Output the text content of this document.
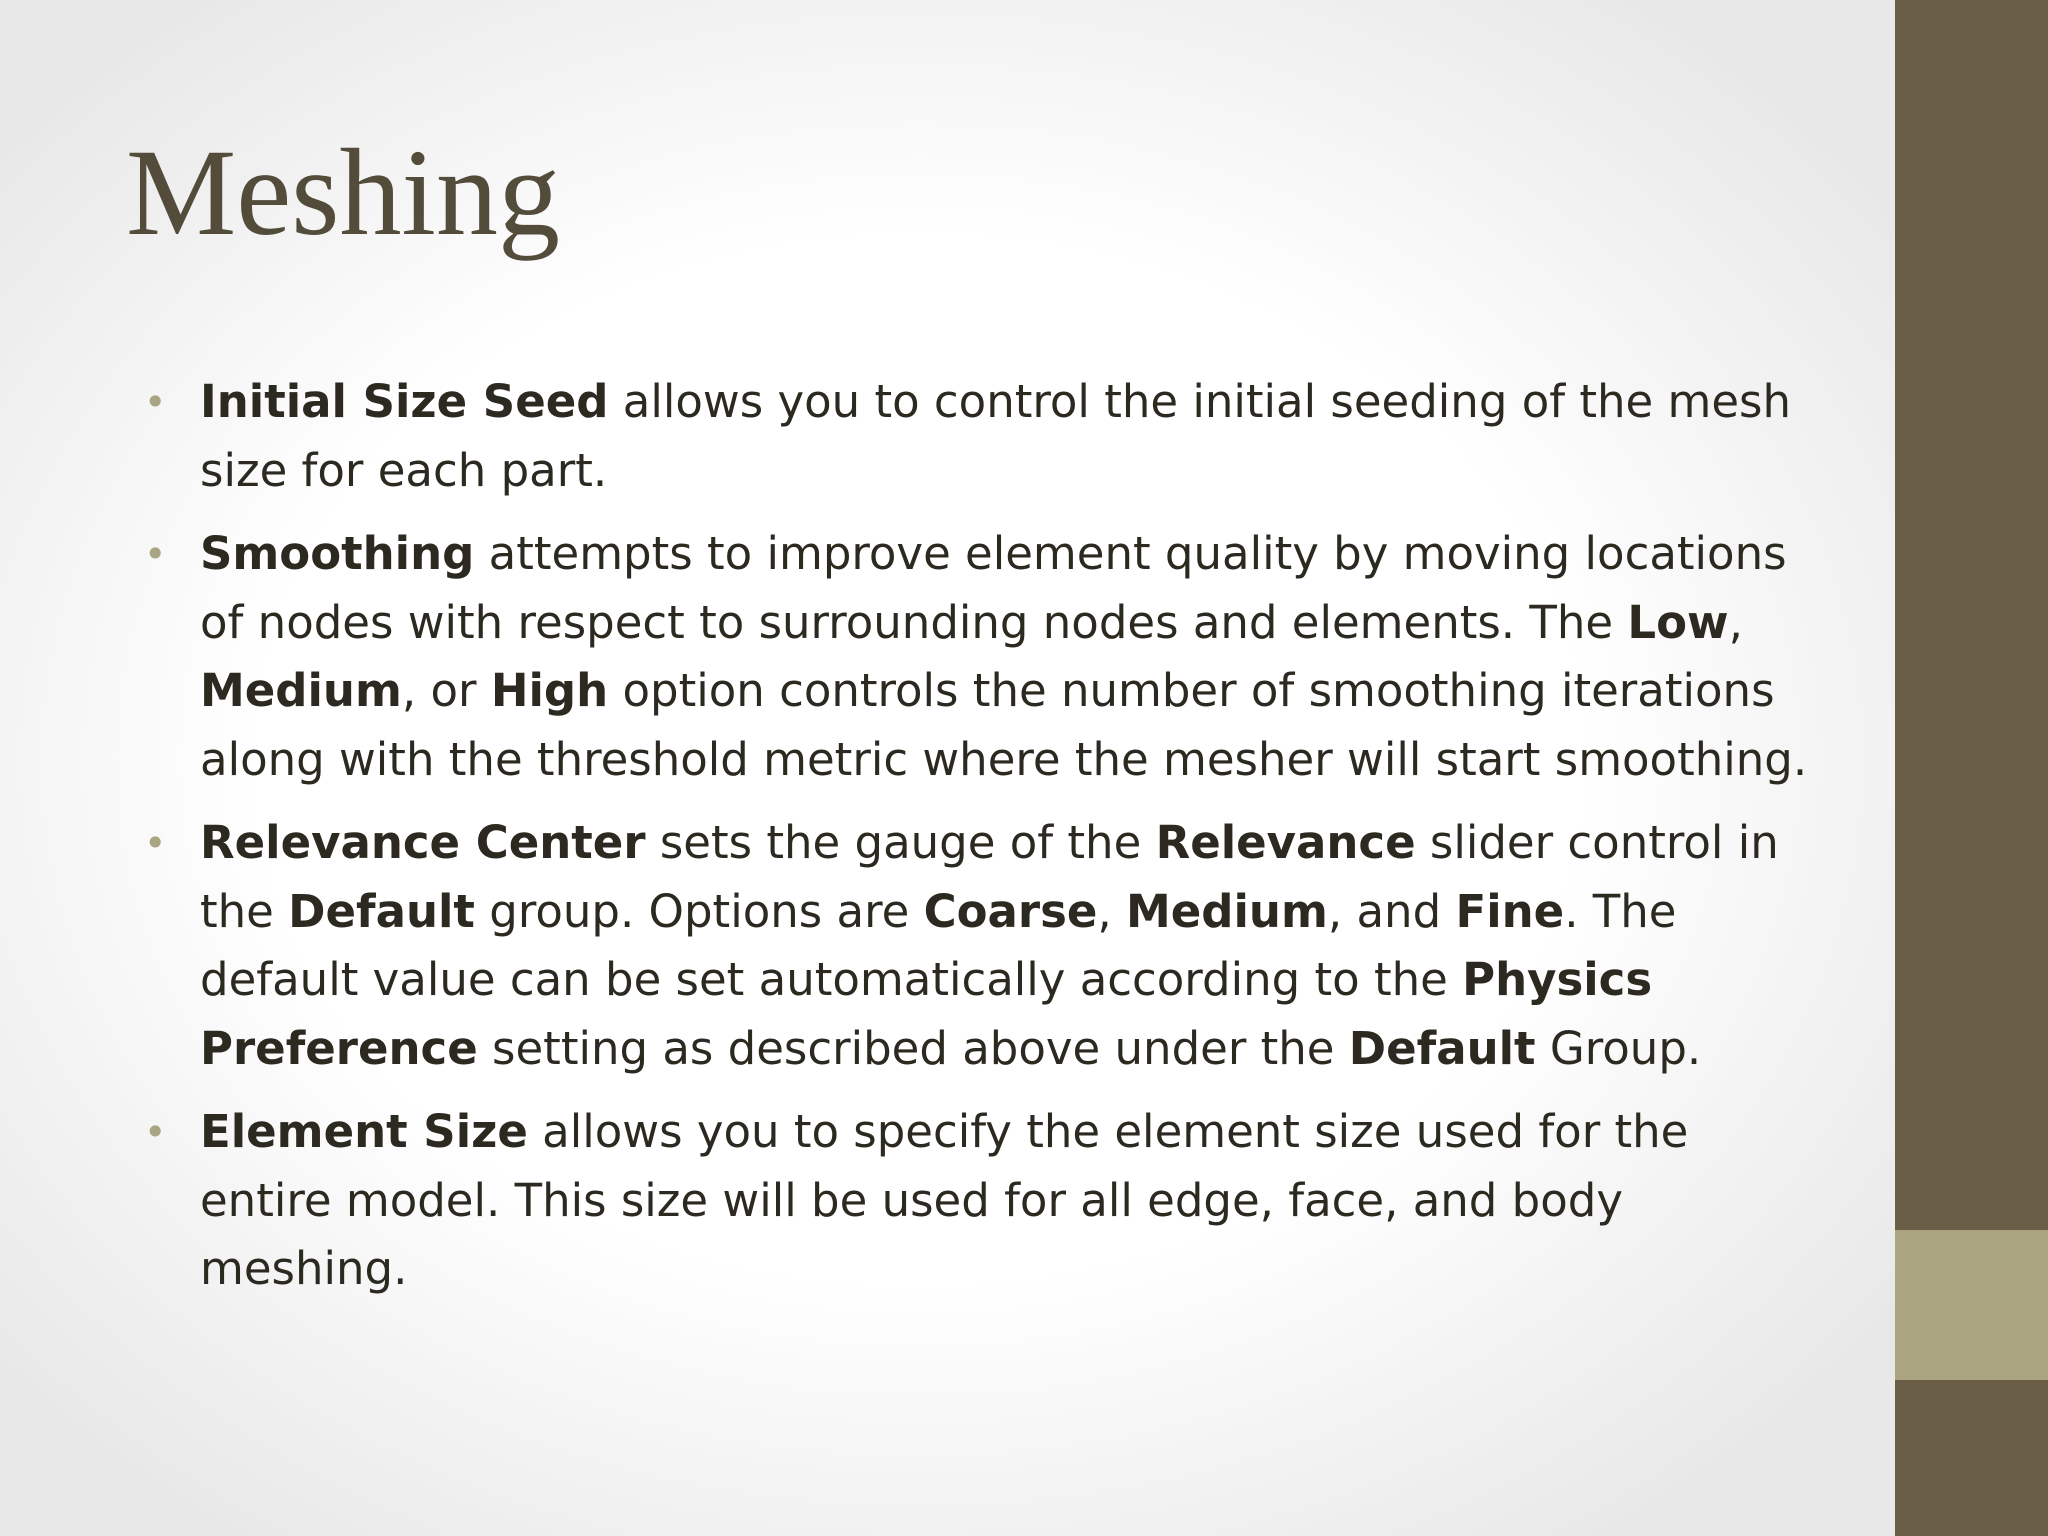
Meshing
• Initial Size Seed allows you to control the initial seeding of the mesh size for each part.
• Smoothing attempts to improve element quality by moving locations of nodes with respect to surrounding nodes and elements. The Low, Medium, or High option controls the number of smoothing iterations along with the threshold metric where the mesher will start smoothing.
• Relevance Center sets the gauge of the Relevance slider control in the Default group. Options are Coarse, Medium, and Fine. The default value can be set automatically according to the Physics Preference setting as described above under the Default Group.
• Element Size allows you to specify the element size used for the entire model. This size will be used for all edge, face, and body meshing.
